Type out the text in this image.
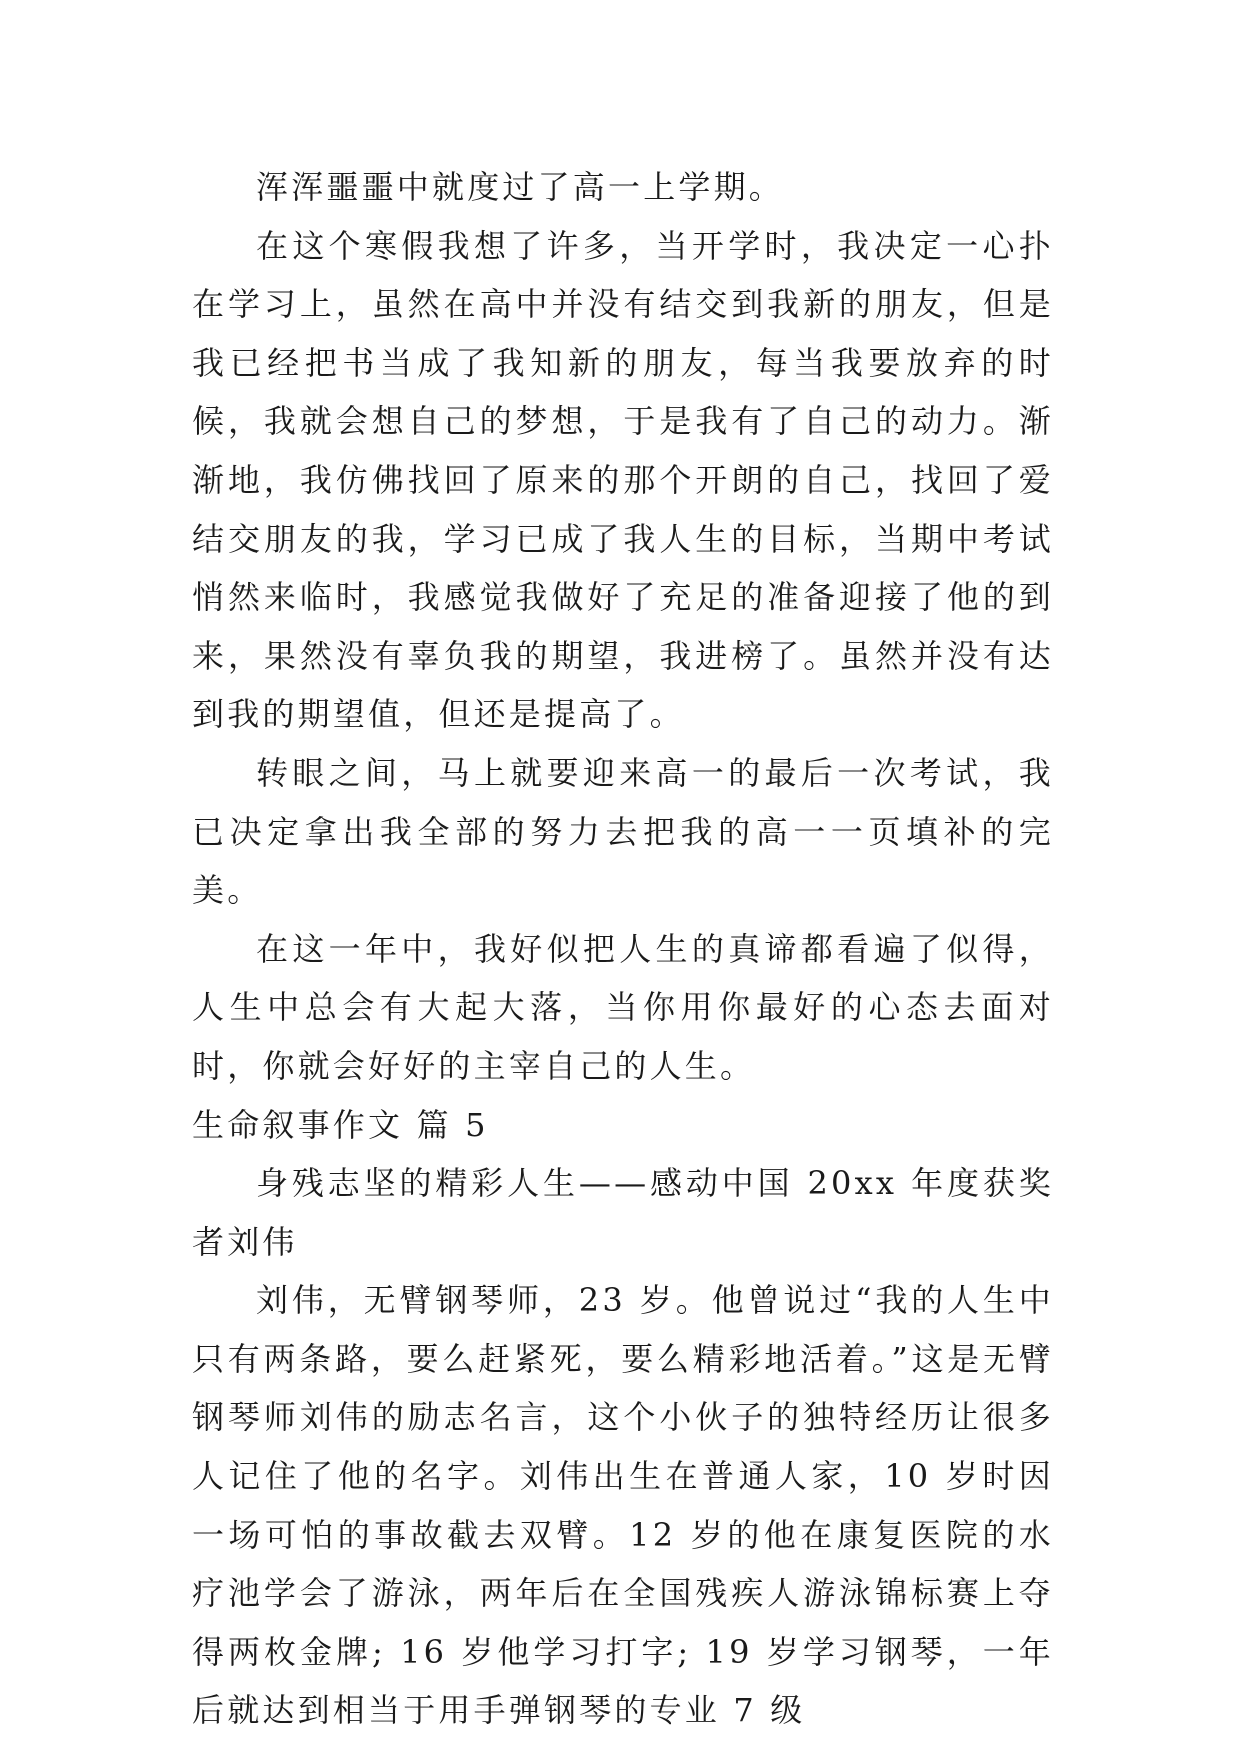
浑浑噩噩中就度过了高一上学期。

在这个寒假我想了许多，当开学时，我决定一心扑在学习上，虽然在高中并没有结交到我新的朋友，但是我已经把书当成了我知新的朋友，每当我要放弃的时候，我就会想自己的梦想，于是我有了自己的动力。渐渐地，我仿佛找回了原来的那个开朗的自己，找回了爱结交朋友的我，学习已成了我人生的目标，当期中考试悄然来临时，我感觉我做好了充足的准备迎接了他的到来，果然没有辜负我的期望，我进榜了。虽然并没有达到我的期望值，但还是提高了。

转眼之间，马上就要迎来高一的最后一次考试，我已决定拿出我全部的努力去把我的高一一页填补的完美。

在这一年中，我好似把人生的真谛都看遍了似得，人生中总会有大起大落，当你用你最好的心态去面对时，你就会好好的主宰自己的人生。

生命叙事作文 篇 5

身残志坚的精彩人生——感动中国 20xx 年度获奖者刘伟

刘伟，无臂钢琴师，23 岁。他曾说过“我的人生中只有两条路，要么赶紧死，要么精彩地活着。”这是无臂钢琴师刘伟的励志名言，这个小伙子的独特经历让很多人记住了他的名字。刘伟出生在普通人家，10 岁时因一场可怕的事故截去双臂。12 岁的他在康复医院的水疗池学会了游泳，两年后在全国残疾人游泳锦标赛上夺得两枚金牌; 16 岁他学习打字; 19 岁学习钢琴，一年后就达到相当于用手弹钢琴的专业 7 级
